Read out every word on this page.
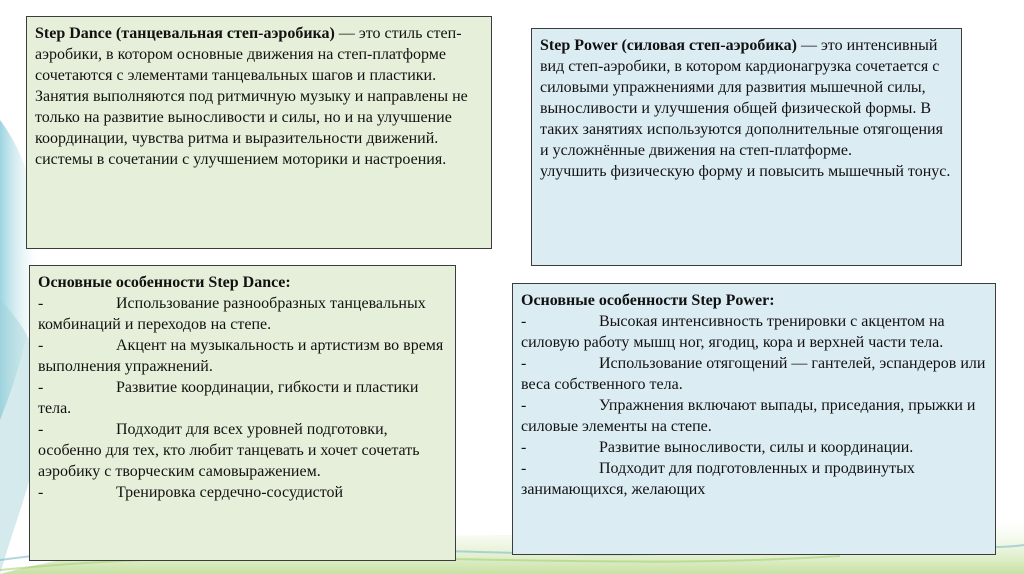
Step Dance (танцевальная степ-аэробика) — это стиль степ-аэробики, в котором основные движения на степ-платформе сочетаются с элементами танцевальных шагов и пластики. Занятия выполняются под ритмичную музыку и направлены не только на развитие выносливости и силы, но и на улучшение координации, чувства ритма и выразительности движений.

системы в сочетании с улучшением моторики и настроения.

Step Power (силовая степ-аэробика) — это интенсивный вид степ-аэробики, в котором кардионагрузка сочетается с силовыми упражнениями для развития мышечной силы, выносливости и улучшения общей физической формы. В таких занятиях используются дополнительные отягощения и усложнённые движения на степ-платформе.

улучшить физическую форму и повысить мышечный тонус.

Основные особенности Step Dance:

-	Использование разнообразных танцевальных комбинаций и переходов на степе.
-	Акцент на музыкальность и артистизм во время выполнения упражнений.
-	Развитие координации, гибкости и пластики тела.
-	Подходит для всех уровней подготовки, особенно для тех, кто любит танцевать и хочет сочетать аэробику с творческим самовыражением.
-	Тренировка сердечно-сосудистой

Основные особенности Step Power:

-	Высокая интенсивность тренировки с акцентом на силовую работу мышц ног, ягодиц, кора и верхней части тела.
-	Использование отягощений — гантелей, эспандеров или веса собственного тела.
-	Упражнения включают выпады, приседания, прыжки и силовые элементы на степе.
-	Развитие выносливости, силы и координации.
-	Подходит для подготовленных и продвинутых занимающихся, желающих
